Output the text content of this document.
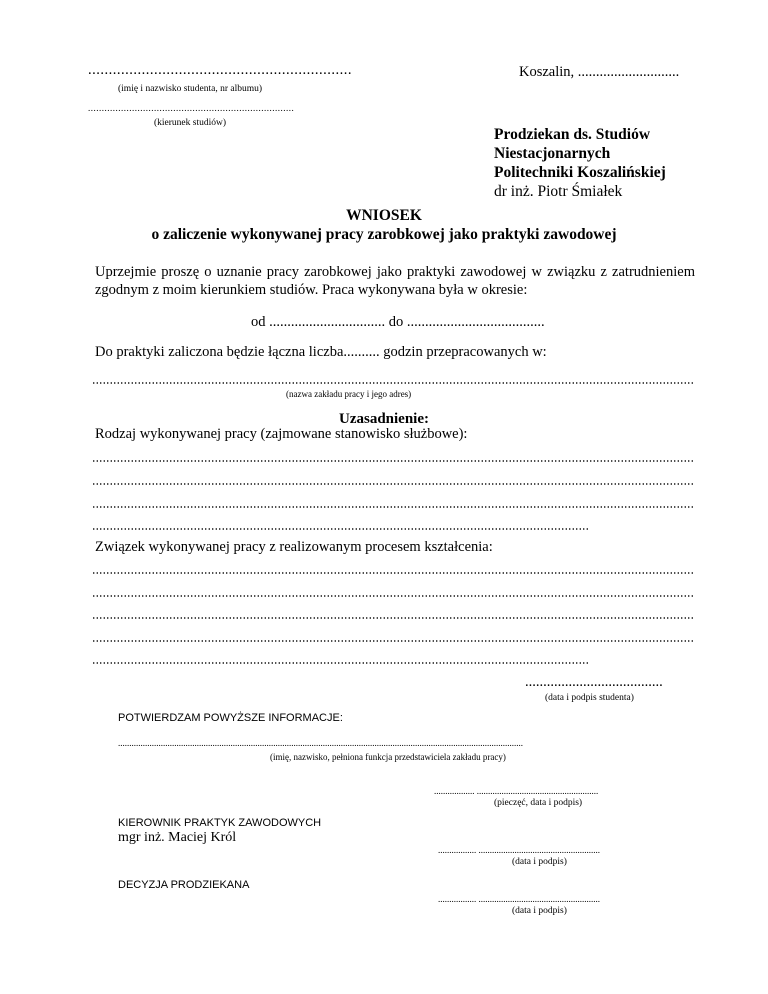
................................................................
(imię i nazwisko studenta, nr albumu)
...........................................................................
(kierunek studiów)
Koszalin, ............................
Prodziekan ds. Studiów
Niestacjonarnych
Politechniki Koszalińskiej
dr inż. Piotr Śmiałek
WNIOSEK
o zaliczenie wykonywanej pracy zarobkowej jako praktyki zawodowej
Uprzejmie proszę o uznanie pracy zarobkowej jako praktyki zawodowej w związku z zatrudnieniem
zgodnym z moim kierunkiem studiów. Praca wykonywana była w okresie:
od ................................ do ......................................
Do praktyki zaliczona będzie łączna liczba.......... godzin przepracowanych w:
(nazwa zakładu pracy i jego adres)
Uzasadnienie:
Rodzaj wykonywanej pracy (zajmowane stanowisko służbowe):
Związek wykonywanej pracy z realizowanym procesem kształcenia:
......................................
(data i podpis studenta)
POTWIERDZAM POWYŻSZE INFORMACJE:
....................................................................................................................................................................................
(imię, nazwisko, pełniona funkcja przedstawiciela zakładu pracy)
.................. ......................................................
(pieczęć, data i podpis)
KIEROWNIK PRAKTYK ZAWODOWYCH
mgr inż. Maciej Król
................. ......................................................
(data i podpis)
DECYZJA PRODZIEKANA
................. ......................................................
(data i podpis)
